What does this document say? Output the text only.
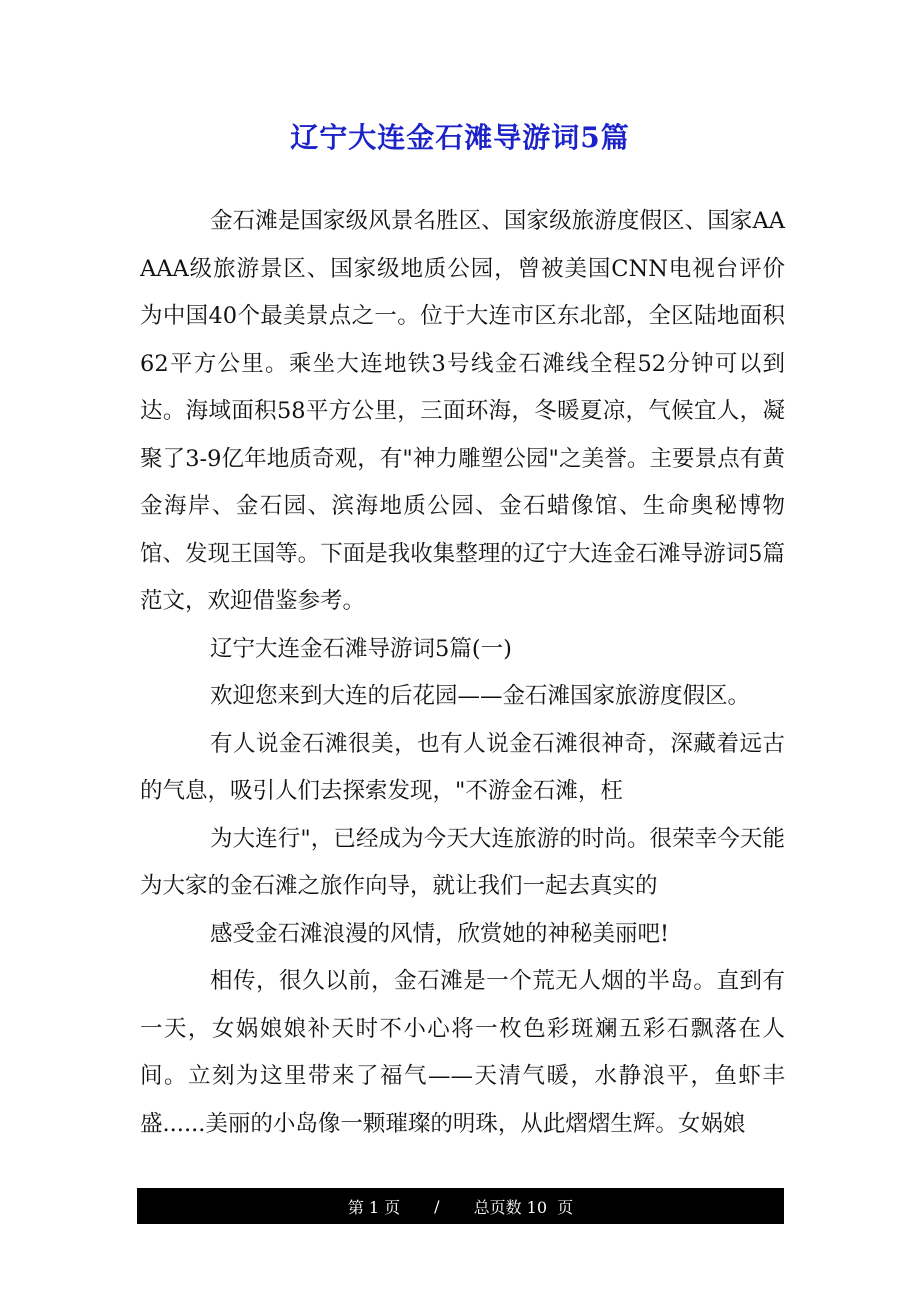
辽宁大连金石滩导游词5篇

金石滩是国家级风景名胜区、国家级旅游度假区、国家AAAAA级旅游景区、国家级地质公园，曾被美国CNN电视台评价为中国40个最美景点之一。位于大连市区东北部，全区陆地面积62平方公里。乘坐大连地铁3号线金石滩线全程52分钟可以到达。海域面积58平方公里，三面环海，冬暖夏凉，气候宜人，凝聚了3-9亿年地质奇观，有"神力雕塑公园"之美誉。主要景点有黄金海岸、金石园、滨海地质公园、金石蜡像馆、生命奥秘博物馆、发现王国等。下面是我收集整理的辽宁大连金石滩导游词5篇范文，欢迎借鉴参考。

辽宁大连金石滩导游词5篇(一)

欢迎您来到大连的后花园——金石滩国家旅游度假区。

有人说金石滩很美，也有人说金石滩很神奇，深藏着远古的气息，吸引人们去探索发现，"不游金石滩，枉

为大连行"，已经成为今天大连旅游的时尚。很荣幸今天能为大家的金石滩之旅作向导，就让我们一起去真实的

感受金石滩浪漫的风情，欣赏她的神秘美丽吧!

相传，很久以前，金石滩是一个荒无人烟的半岛。直到有一天，女娲娘娘补天时不小心将一枚色彩斑斓五彩石飘落在人间。立刻为这里带来了福气——天清气暖，水静浪平，鱼虾丰盛......美丽的小岛像一颗璀璨的明珠，从此熠熠生辉。女娲娘

第 1 页 / 总页数 10  页
